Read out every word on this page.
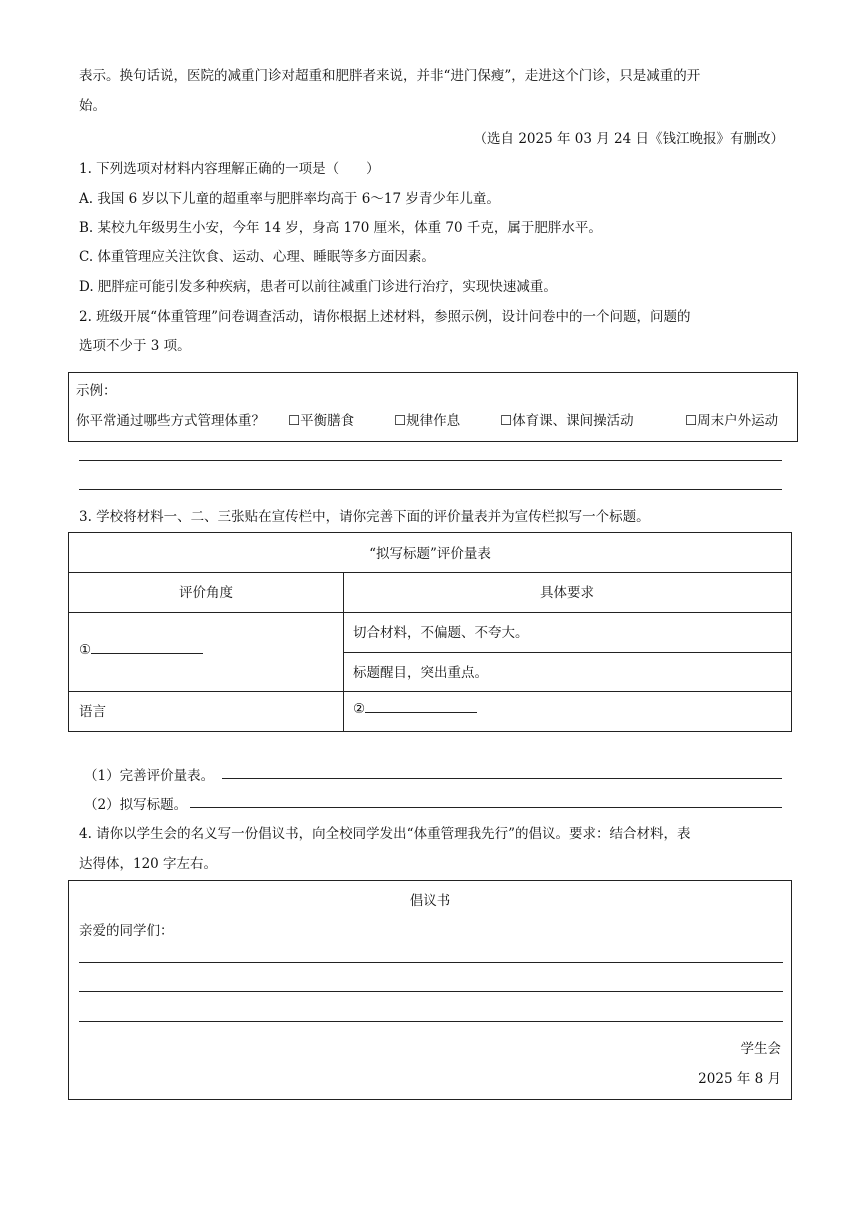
表示。换句话说，医院的减重门诊对超重和肥胖者来说，并非“进门保瘦”，走进这个门诊，只是减重的开
始。
（选自 2025 年 03 月 24 日《钱江晚报》有删改）
1. 下列选项对材料内容理解正确的一项是（　　）
A. 我国 6 岁以下儿童的超重率与肥胖率均高于 6～17 岁青少年儿童。
B. 某校九年级男生小安，今年 14 岁，身高 170 厘米，体重 70 千克，属于肥胖水平。
C. 体重管理应关注饮食、运动、心理、睡眠等多方面因素。
D. 肥胖症可能引发多种疾病，患者可以前往减重门诊进行治疗，实现快速减重。
2. 班级开展“体重管理”问卷调查活动，请你根据上述材料，参照示例，设计问卷中的一个问题，问题的
选项不少于 3 项。
示例：
你平常通过哪些方式管理体重？ ☐平衡膳食	☐规律作息	☐体育课、课间操活动	☐周末户外运动
3. 学校将材料一、二、三张贴在宣传栏中，请你完善下面的评价量表并为宣传栏拟写一个标题。
“拟写标题”评价量表
评价角度	具体要求
①
切合材料，不偏题、不夸大。
标题醒目，突出重点。
语言	②
（1）完善评价量表。
（2）拟写标题。
4. 请你以学生会的名义写一份倡议书，向全校同学发出“体重管理我先行”的倡议。要求：结合材料，表
达得体，120 字左右。
倡议书
亲爱的同学们：
学生会
2025 年 8 月
